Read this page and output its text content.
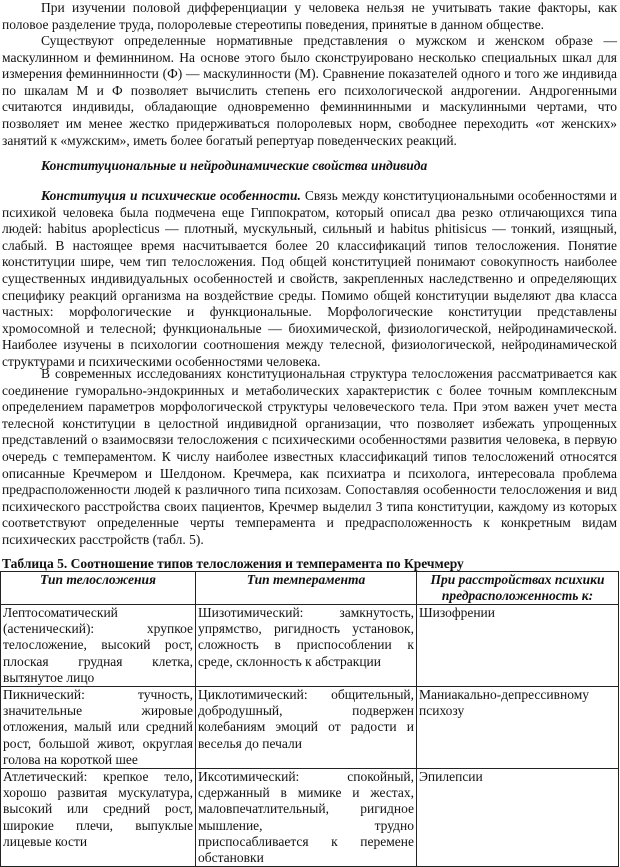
При изучении половой дифференциации у человека нельзя не учитывать такие факторы, как половое разделение труда, полоролевые стереотипы поведения, принятые в данном обществе.

Существуют определенные нормативные представления о мужском и женском образе — маскулинном и феминнином. На основе этого было сконструировано несколько специальных шкал для измерения феминнинности (Ф) — маскулинности (М). Сравнение показателей одного и того же индивида по шкалам М и Ф позволяет вычислить степень его психологической андрогении. Андрогенными считаются индивиды, обладающие одновременно феминнинными и маскулинными чертами, что позволяет им менее жестко придерживаться полоролевых норм, свободнее переходить «от женских» занятий к «мужским», иметь более богатый репертуар поведенческих реакций.

Конституциональные и нейродинамические свойства индивида

Конституция и психические особенности. Связь между конституциональными особенностями и психикой человека была подмечена еще Гиппократом, который описал два резко отличающихся типа людей: habitus apoplecticus — плотный, мускульный, сильный и habitus phitisicus — тонкий, изящный, слабый. В настоящее время насчитывается более 20 классификаций типов телосложения. Понятие конституции шире, чем тип телосложения. Под общей конституцией понимают совокупность наиболее существенных индивидуальных особенностей и свойств, закрепленных наследственно и определяющих специфику реакций организма на воздействие среды. Помимо общей конституции выделяют два класса частных: морфологические и функциональные. Морфологические конституции представлены хромосомной и телесной; функциональные — биохимической, физиологической, нейродинамической. Наиболее изучены в психологии соотношения между телесной, физиологической, нейродинамической структурами и психическими особенностями человека.

В современных исследованиях конституциональная структура телосложения рассматривается как соединение гуморально-эндокринных и метаболических характеристик с более точным комплексным определением параметров морфологической структуры человеческого тела. При этом важен учет места телесной конституции в целостной индивидной организации, что позволяет избежать упрощенных представлений о взаимосвязи телосложения с психическими особенностями развития человека, в первую очередь с темпераментом. К числу наиболее известных классификаций типов телосложений относятся описанные Кречмером и Шелдоном. Кречмера, как психиатра и психолога, интересовала проблема предрасположенности людей к различного типа психозам. Сопоставляя особенности телосложения и вид психического расстройства своих пациентов, Кречмер выделил 3 типа конституции, каждому из которых соответствуют определенные черты темперамента и предрасположенность к конкретным видам психических расстройств (табл. 5).

Таблица 5. Соотношение типов телосложения и темперамента по Кречмеру

Тип телосложения	Тип темперамента	При расстройствах психики предрасположенность к:
Лептосоматический (астенический): хрупкое телосложение, высокий рост, плоская грудная клетка, вытянутое лицо	Шизотимический: замкнутость, упрямство, ригидность установок, сложность в приспособлении к среде, склонность к абстракции	Шизофрении
Пикнический: тучность, значительные жировые отложения, малый или средний рост, большой живот, округлая голова на короткой шее	Циклотимический: общительный, добродушный, подвержен колебаниям эмоций от радости и веселья до печали	Маниакально-депрессивному психозу
Атлетический: крепкое тело, хорошо развитая мускулатура, высокий или средний рост, широкие плечи, выпуклые лицевые кости	Иксотимический: спокойный, сдержанный в мимике и жестах, маловпечатлительный, ригидное мышление, трудно приспосабливается к перемене обстановки	Эпилепсии
